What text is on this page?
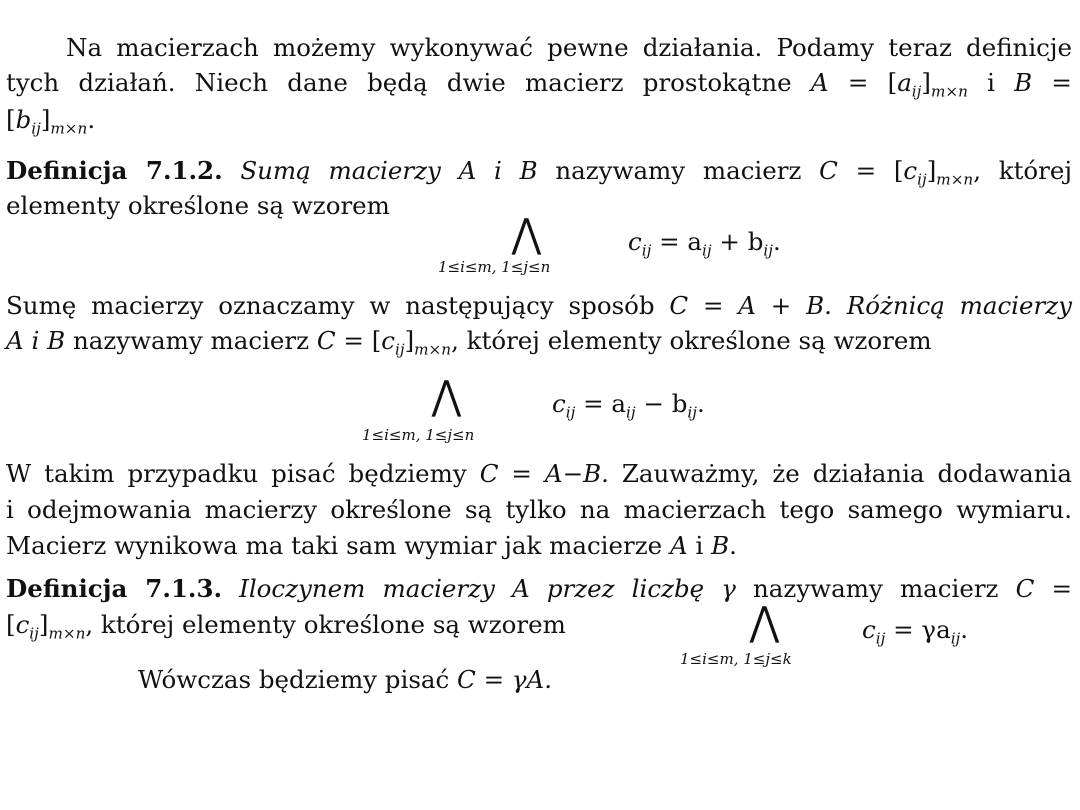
Na macierzach możemy wykonywać pewne działania. Podamy teraz definicje
tych działań. Niech dane będą dwie macierz prostokątne $A = [a_{ij}]_{m\times n}$ i B =
$[b_{ij}]_{m\times n}$.
Definicja 7.1.2. Sumą macierzy A i B nazywamy macierz $C = [c_{ij}]_{m\times n}$, której
elementy określone są wzorem
⋀
1≤i≤m, 1≤j≤n
$c_{ij} = a_{ij} + b_{ij}$.
Sumę macierzy oznaczamy w następujący sposób C = A + B. Różnicą macierzy
A i B nazywamy macierz $C = [c_{ij}]_{m\times n}$, której elementy określone są wzorem
⋀
1≤i≤m, 1≤j≤n
$c_{ij} = a_{ij} - b_{ij}$.
W takim przypadku pisać będziemy C = A−B. Zauważmy, że działania dodawania
i odejmowania macierzy określone są tylko na macierzach tego samego wymiaru.
Macierz wynikowa ma taki sam wymiar jak macierze A i B.
Definicja 7.1.3. Iloczynem macierzy A przez liczbę γ nazywamy macierz C =
$[c_{ij}]_{m\times n}$, której elementy określone są wzorem	⋀
1≤i≤m, 1≤j≤k
$c_{ij} = \gamma a_{ij}$.
Wówczas będziemy pisać C = γA.
